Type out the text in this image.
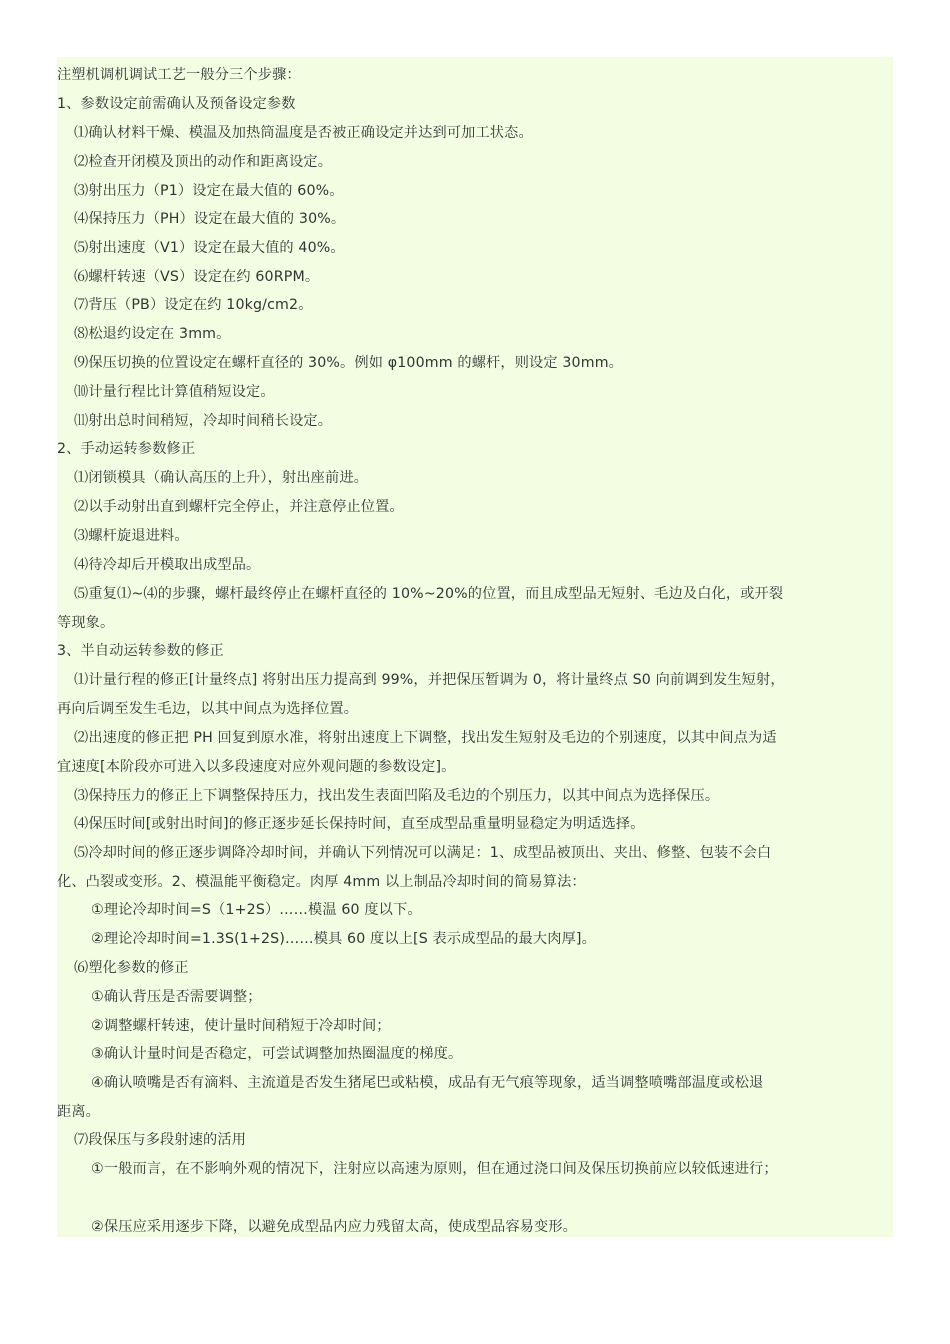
注塑机调机调试工艺一般分三个步骤：
1、参数设定前需确认及预备设定参数
⑴确认材料干燥、模温及加热筒温度是否被正确设定并达到可加工状态。
⑵检查开闭模及顶出的动作和距离设定。
⑶射出压力（P1）设定在最大值的 60%。
⑷保持压力（PH）设定在最大值的 30%。
⑸射出速度（V1）设定在最大值的 40%。
⑹螺杆转速（VS）设定在约 60RPM。
⑺背压（PB）设定在约 10kg/cm2。
⑻松退约设定在 3mm。
⑼保压切换的位置设定在螺杆直径的 30%。例如 φ100mm 的螺杆，则设定 30mm。
⑽计量行程比计算值稍短设定。
⑾射出总时间稍短，冷却时间稍长设定。
2、手动运转参数修正
⑴闭锁模具（确认高压的上升），射出座前进。
⑵以手动射出直到螺杆完全停止，并注意停止位置。
⑶螺杆旋退进料。
⑷待冷却后开模取出成型品。
⑸重复⑴~⑷的步骤，螺杆最终停止在螺杆直径的 10%~20%的位置，而且成型品无短射、毛边及白化，或开裂
等现象。
3、半自动运转参数的修正
⑴计量行程的修正[计量终点] 将射出压力提高到 99%，并把保压暂调为 0，将计量终点 S0 向前调到发生短射，
再向后调至发生毛边，以其中间点为选择位置。
⑵出速度的修正把 PH 回复到原水准，将射出速度上下调整，找出发生短射及毛边的个别速度，以其中间点为适
宜速度[本阶段亦可进入以多段速度对应外观问题的参数设定]。
⑶保持压力的修正上下调整保持压力，找出发生表面凹陷及毛边的个别压力，以其中间点为选择保压。
⑷保压时间[或射出时间]的修正逐步延长保持时间，直至成型品重量明显稳定为明适选择。
⑸冷却时间的修正逐步调降冷却时间，并确认下列情况可以满足：1、成型品被顶出、夹出、修整、包装不会白
化、凸裂或变形。2、模温能平衡稳定。肉厚 4mm 以上制品冷却时间的简易算法：
①理论冷却时间=S（1+2S）……模温 60 度以下。
②理论冷却时间=1.3S(1+2S)……模具 60 度以上[S 表示成型品的最大肉厚]。
⑹塑化参数的修正
①确认背压是否需要调整；
②调整螺杆转速，使计量时间稍短于冷却时间；
③确认计量时间是否稳定，可尝试调整加热圈温度的梯度。
④确认喷嘴是否有滴料、主流道是否发生猪尾巴或粘模，成品有无气痕等现象，适当调整喷嘴部温度或松退
距离。
⑺段保压与多段射速的活用
①一般而言，在不影响外观的情况下，注射应以高速为原则，但在通过浇口间及保压切换前应以较低速进行；
②保压应采用逐步下降，以避免成型品内应力残留太高，使成型品容易变形。
